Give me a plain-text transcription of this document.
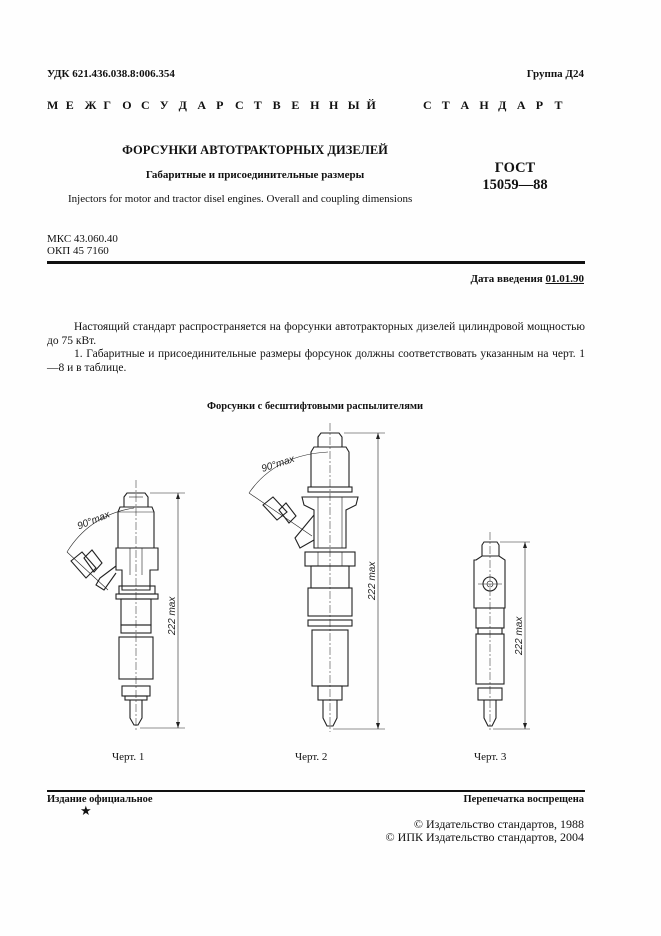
УДК 621.436.038.8:006.354	Группа Д24
М Е Ж Г О С У Д А Р С Т В Е Н Н Ы Й	С Т А Н Д А Р Т
ФОРСУНКИ АВТОТРАКТОРНЫХ ДИЗЕЛЕЙ
Габаритные и присоединительные размеры
Injectors for motor and tractor disel engines. Overall and coupling dimensions
ГОСТ
15059—88
МКС 43.060.40
ОКП 45 7160
Дата введения 01.01.90
Настоящий стандарт распространяется на форсунки автотракторных дизелей цилиндровой мощностью до 75 кВт.
1. Габаритные и присоединительные размеры форсунок должны соответствовать указанным на черт. 1—8 и в таблице.
Форсунки с бесштифтовыми распылителями
90°max
222 max
90°max
222 max
222 max
Черт. 1	Черт. 2	Черт. 3
Издание официальное
★
Перепечатка воспрещена
© Издательство стандартов, 1988
© ИПК Издательство стандартов, 2004
